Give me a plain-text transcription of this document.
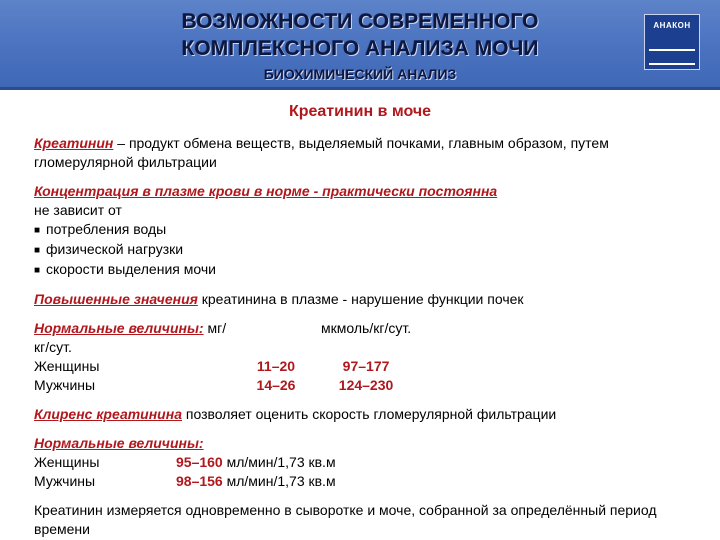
ВОЗМОЖНОСТИ СОВРЕМЕННОГО
КОМПЛЕКСНОГО АНАЛИЗА МОЧИ
БИОХИМИЧЕСКИЙ АНАЛИЗ
АНАКОН
Креатинин в моче

Креатинин – продукт обмена веществ, выделяемый почками, главным образом, путем гломерулярной фильтрации

Концентрация в плазме крови в норме - практически постоянна

не зависит от

■ потребления воды
■ физической нагрузки
■ скорости выделения мочи

Повышенные значения креатинина в плазме - нарушение функции почек

Нормальные величины: мг/кг/сут.		мкмоль/кг/сут.
Женщины	11–20	97–177
Мужчины	14–26	124–230

Клиренс креатинина позволяет оценить скорость гломерулярной фильтрации

Нормальные величины:	
Женщины	95–160 мл/мин/1,73 кв.м
Мужчины	98–156 мл/мин/1,73 кв.м

Креатинин измеряется одновременно в сыворотке и моче, собранной за определённый период времени
